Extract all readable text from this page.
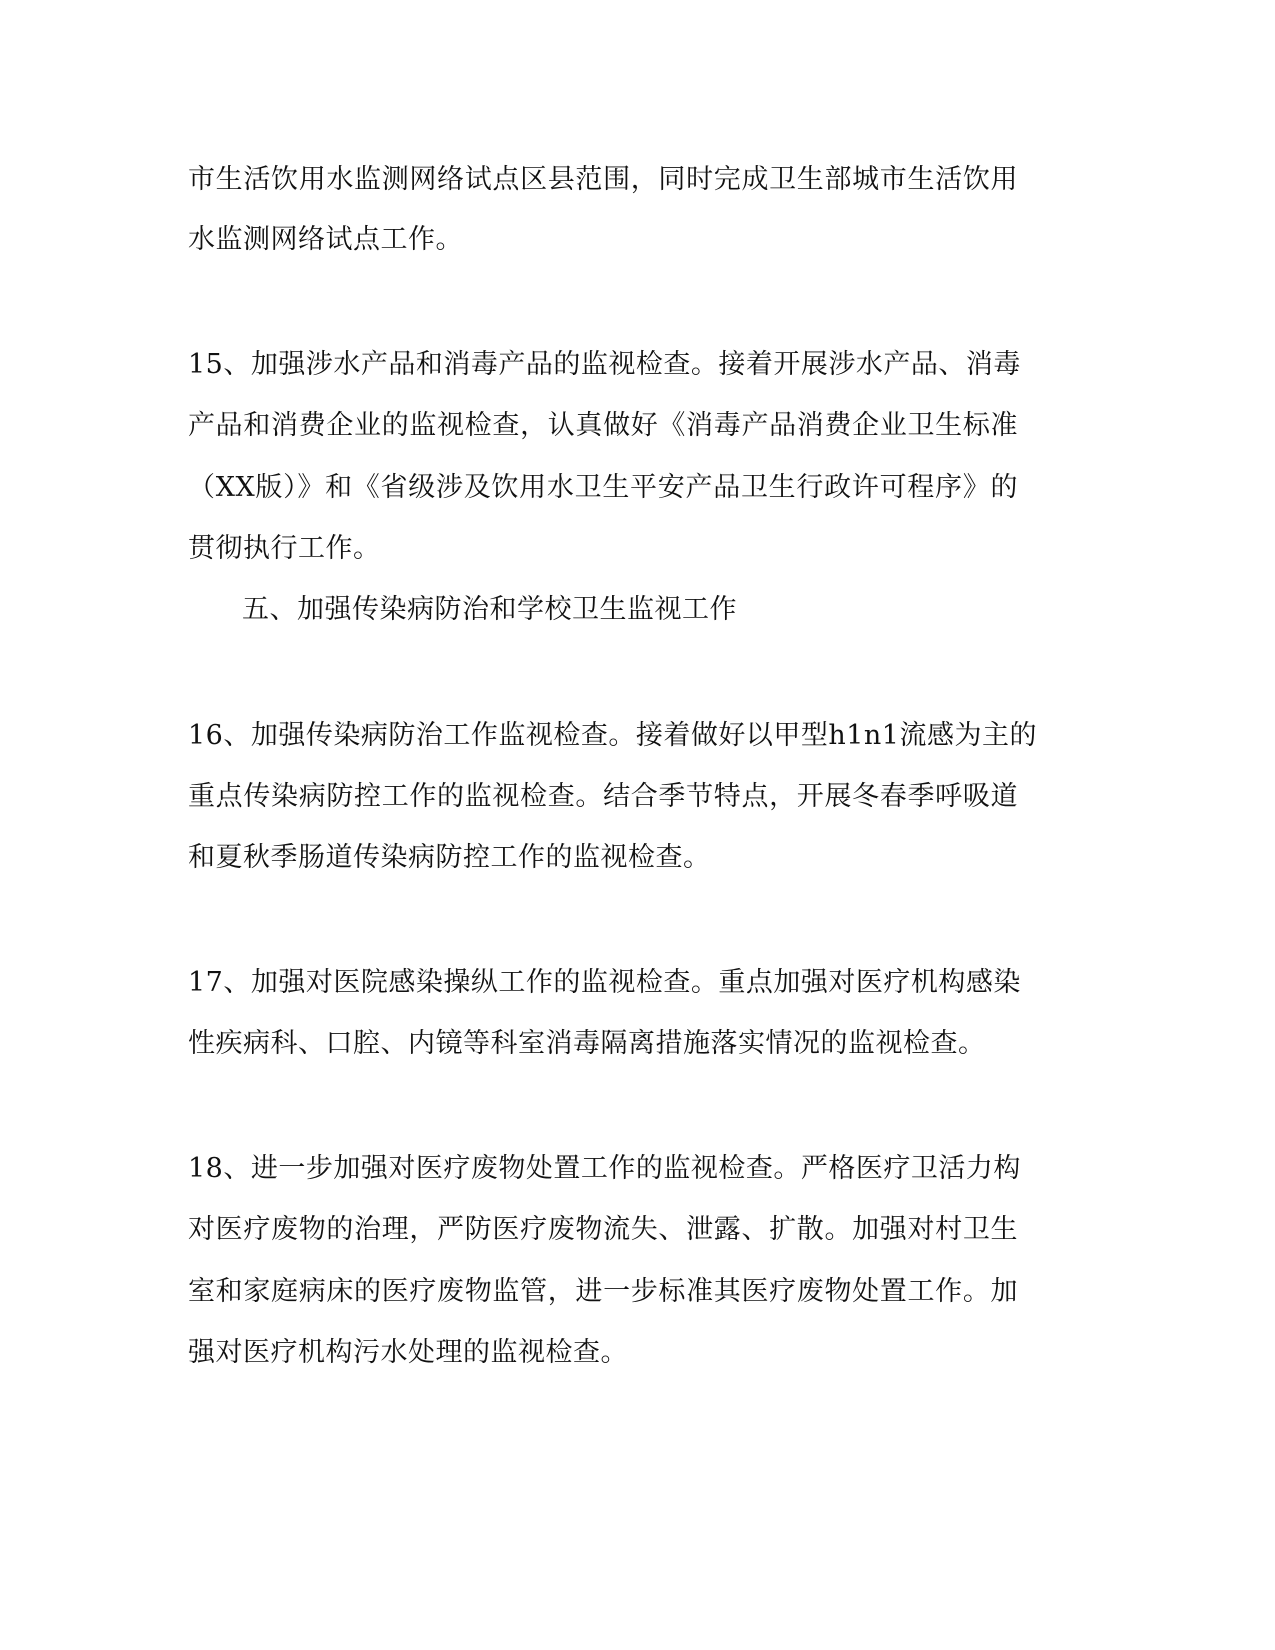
市生活饮用水监测网络试点区县范围，同时完成卫生部城市生活饮用
水监测网络试点工作。
15、加强涉水产品和消毒产品的监视检查。接着开展涉水产品、消毒
产品和消费企业的监视检查，认真做好《消毒产品消费企业卫生标准
（XX版）》和《省级涉及饮用水卫生平安产品卫生行政许可程序》的
贯彻执行工作。
五、加强传染病防治和学校卫生监视工作
16、加强传染病防治工作监视检查。接着做好以甲型h1n1流感为主的
重点传染病防控工作的监视检查。结合季节特点，开展冬春季呼吸道
和夏秋季肠道传染病防控工作的监视检查。
17、加强对医院感染操纵工作的监视检查。重点加强对医疗机构感染
性疾病科、口腔、内镜等科室消毒隔离措施落实情况的监视检查。
18、进一步加强对医疗废物处置工作的监视检查。严格医疗卫活力构
对医疗废物的治理，严防医疗废物流失、泄露、扩散。加强对村卫生
室和家庭病床的医疗废物监管，进一步标准其医疗废物处置工作。加
强对医疗机构污水处理的监视检查。
